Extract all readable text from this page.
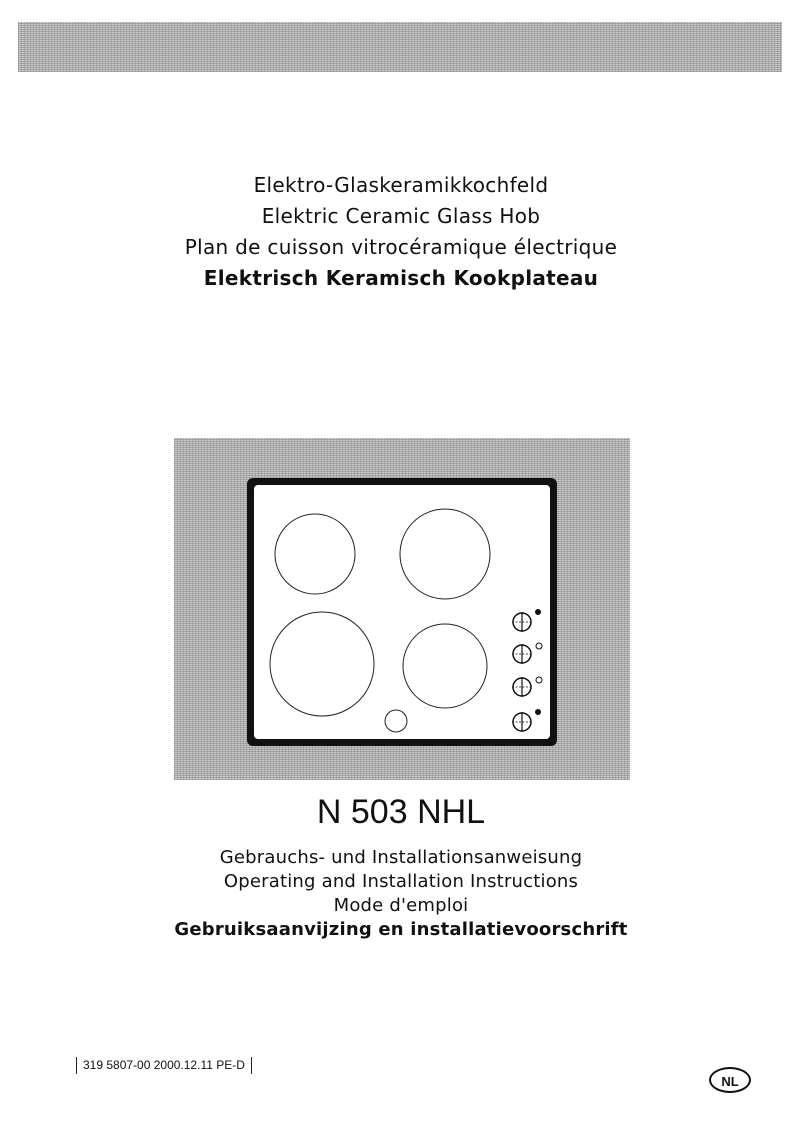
Elektro-Glaskeramikkochfeld
Elektric Ceramic Glass Hob
Plan de cuisson vitrocéramique électrique
Elektrisch Keramisch Kookplateau
N 503 NHL
Gebrauchs- und Installationsanweisung
Operating and Installation Instructions
Mode d'emploi
Gebruiksaanvijzing en installatievoorschrift
319 5807-00 2000.12.11 PE-D
NL
